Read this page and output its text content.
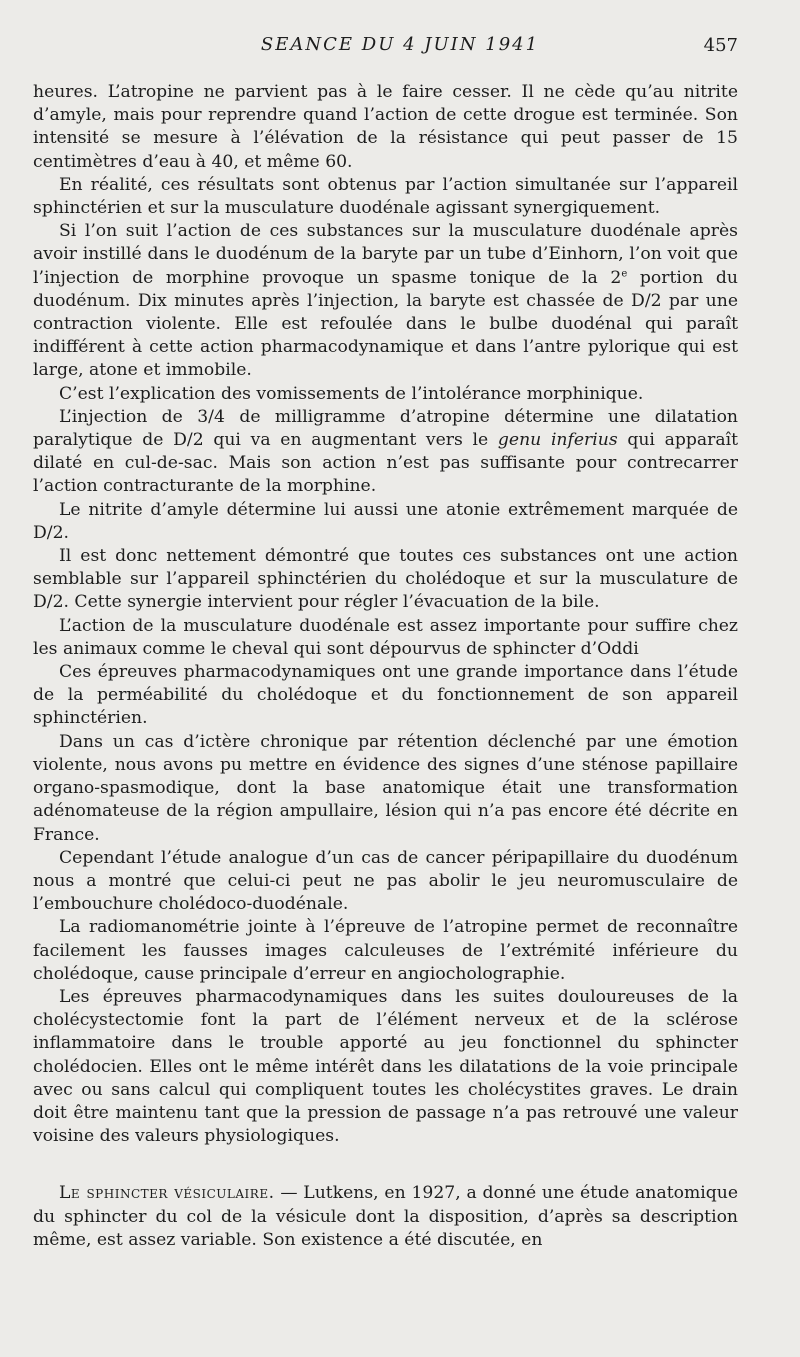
SEANCE DU 4 JUIN 1941	457

heures. L’atropine ne parvient pas à le faire cesser. Il ne cède qu’au nitrite d’amyle, mais pour reprendre quand l’action de cette drogue est terminée. Son intensité se mesure à l’élévation de la résistance qui peut passer de 15 centimètres d’eau à 40, et même 60.

En réalité, ces résultats sont obtenus par l’action simultanée sur l’appareil sphinctérien et sur la musculature duodénale agissant synergiquement.

Si l’on suit l’action de ces substances sur la musculature duodénale après avoir instillé dans le duodénum de la baryte par un tube d’Einhorn, l’on voit que l’injection de morphine provoque un spasme tonique de la 2e portion du duodénum. Dix minutes après l’injection, la baryte est chassée de D/2 par une contraction violente. Elle est refoulée dans le bulbe duodénal qui paraît indifférent à cette action pharmacodynamique et dans l’antre pylorique qui est large, atone et immobile.

C’est l’explication des vomissements de l’intolérance morphinique.

L’injection de 3/4 de milligramme d’atropine détermine une dilatation paralytique de D/2 qui va en augmentant vers le genu inferius qui apparaît dilaté en cul-de-sac. Mais son action n’est pas suffisante pour contrecarrer l’action contracturante de la morphine.

Le nitrite d’amyle détermine lui aussi une atonie extrêmement marquée de D/2.

Il est donc nettement démontré que toutes ces substances ont une action semblable sur l’appareil sphinctérien du cholédoque et sur la musculature de D/2. Cette synergie intervient pour régler l’évacuation de la bile.

L’action de la musculature duodénale est assez importante pour suffire chez les animaux comme le cheval qui sont dépourvus de sphincter d’Oddi

Ces épreuves pharmacodynamiques ont une grande importance dans l’étude de la perméabilité du cholédoque et du fonctionnement de son appareil sphinctérien.

Dans un cas d’ictère chronique par rétention déclenché par une émotion violente, nous avons pu mettre en évidence des signes d’une sténose papillaire organo-spasmodique, dont la base anatomique était une transformation adénomateuse de la région ampullaire, lésion qui n’a pas encore été décrite en France.

Cependant l’étude analogue d’un cas de cancer péripapillaire du duodénum nous a montré que celui-ci peut ne pas abolir le jeu neuromusculaire de l’embouchure cholédoco-duodénale.

La radiomanométrie jointe à l’épreuve de l’atropine permet de reconnaître facilement les fausses images calculeuses de l’extrémité inférieure du cholédoque, cause principale d’erreur en angiocholographie.

Les épreuves pharmacodynamiques dans les suites douloureuses de la cholécystectomie font la part de l’élément nerveux et de la sclérose inflammatoire dans le trouble apporté au jeu fonctionnel du sphincter cholédocien. Elles ont le même intérêt dans les dilatations de la voie principale avec ou sans calcul qui compliquent toutes les cholécystites graves. Le drain doit être maintenu tant que la pression de passage n’a pas retrouvé une valeur voisine des valeurs physiologiques.

Le sphincter vésiculaire. — Lutkens, en 1927, a donné une étude anatomique du sphincter du col de la vésicule dont la disposition, d’après sa description même, est assez variable. Son existence a été discutée, en
